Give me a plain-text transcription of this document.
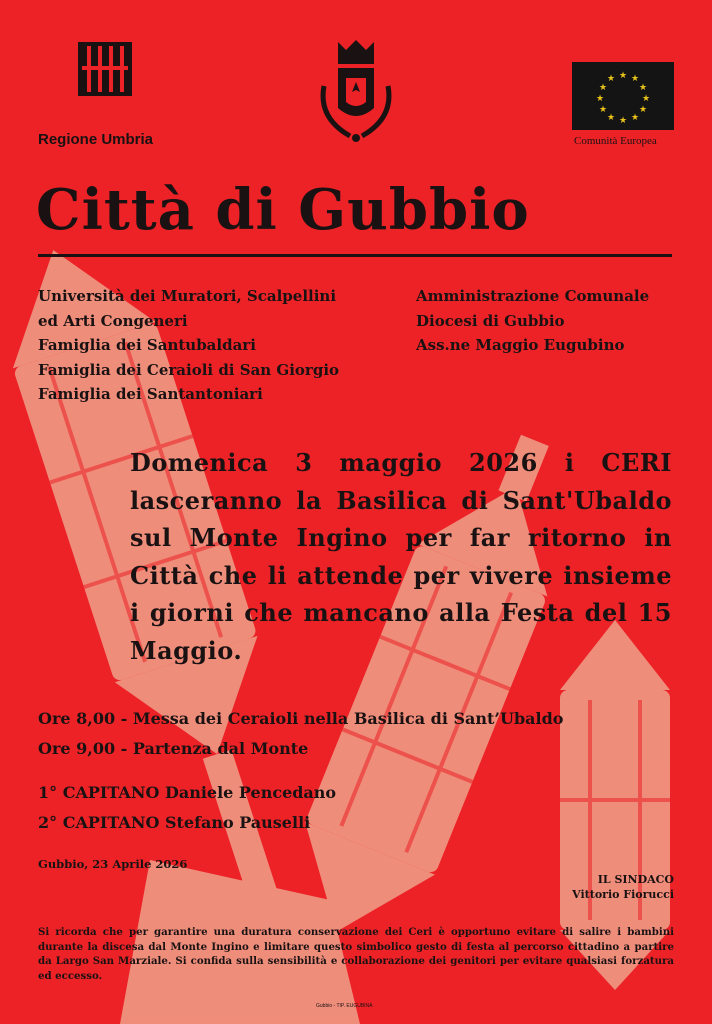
Regione Umbria
★ ★
★
★
★
★
★
★
★
★
★
★
Comunità Europea
Città di Gubbio
Università dei Muratori, Scalpellini
ed Arti Congeneri
Famiglia dei Santubaldari
Famiglia dei Ceraioli di San Giorgio
Famiglia dei Santantoniari
Amministrazione Comunale
Diocesi di Gubbio
Ass.ne Maggio Eugubino
Domenica 3 maggio 2026 i CERI lasceranno la Basilica di Sant'Ubaldo sul Monte Ingino per far ritorno in Città che li attende per vivere insieme i giorni che mancano alla Festa del 15 Maggio.
Ore 8,00 - Messa dei Ceraioli nella Basilica di Sant’Ubaldo
Ore 9,00 - Partenza dal Monte
1° CAPITANO Daniele Pencedano
2° CAPITANO Stefano Pauselli
Gubbio, 23 Aprile 2026
IL SINDACO
Vittorio Fiorucci
Si ricorda che per garantire una duratura conservazione dei Ceri è opportuno evitare di salire i bambini durante la discesa dal Monte Ingino e limitare questo simbolico gesto di festa al percorso cittadino a partire da Largo San Marziale. Si confida sulla sensibilità e collaborazione dei genitori per evitare qualsiasi forzatura ed eccesso.
Gubbio - TIP. EUGUBINA
